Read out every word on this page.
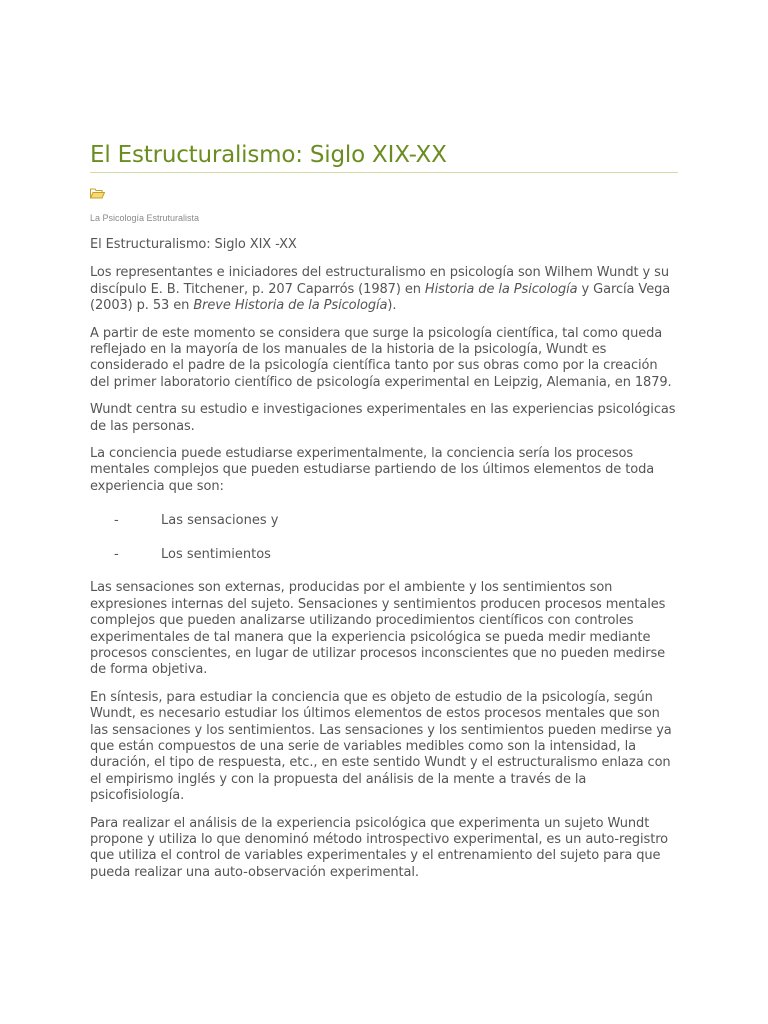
El Estructuralismo: Siglo XIX-XX
La Psicología Estruturalista

El Estructuralismo: Siglo XIX -XX

Los representantes e iniciadores del estructuralismo en psicología son Wilhem Wundt y su discípulo E. B. Titchener, p. 207 Caparrós (1987) en Historia de la Psicología y García Vega (2003) p. 53 en Breve Historia de la Psicología).

A partir de este momento se considera que surge la psicología científica, tal como queda reflejado en la mayoría de los manuales de la historia de la psicología, Wundt es considerado el padre de la psicología científica tanto por sus obras como por la creación del primer laboratorio científico de psicología experimental en Leipzig, Alemania, en 1879.

Wundt centra su estudio e investigaciones experimentales en las experiencias psicológicas de las personas.

La conciencia puede estudiarse experimentalmente, la conciencia sería los procesos mentales complejos que pueden estudiarse partiendo de los últimos elementos de toda experiencia que son:

-	Las sensaciones y
-	Los sentimientos

Las sensaciones son externas, producidas por el ambiente y los sentimientos son expresiones internas del sujeto. Sensaciones y sentimientos producen procesos mentales complejos que pueden analizarse utilizando procedimientos científicos con controles experimentales de tal manera que la experiencia psicológica se pueda medir mediante procesos conscientes, en lugar de utilizar procesos inconscientes que no pueden medirse de forma objetiva.

En síntesis, para estudiar la conciencia que es objeto de estudio de la psicología, según Wundt, es necesario estudiar los últimos elementos de estos procesos mentales que son las sensaciones y los sentimientos. Las sensaciones y los sentimientos pueden medirse ya que están compuestos de una serie de variables medibles como son la intensidad, la duración, el tipo de respuesta, etc., en este sentido Wundt y el estructuralismo enlaza con el empirismo inglés y con la propuesta del análisis de la mente a través de la psicofisiología.

Para realizar el análisis de la experiencia psicológica que experimenta un sujeto Wundt propone y utiliza lo que denominó método introspectivo experimental, es un auto-registro que utiliza el control de variables experimentales y el entrenamiento del sujeto para que pueda realizar una auto-observación experimental.
